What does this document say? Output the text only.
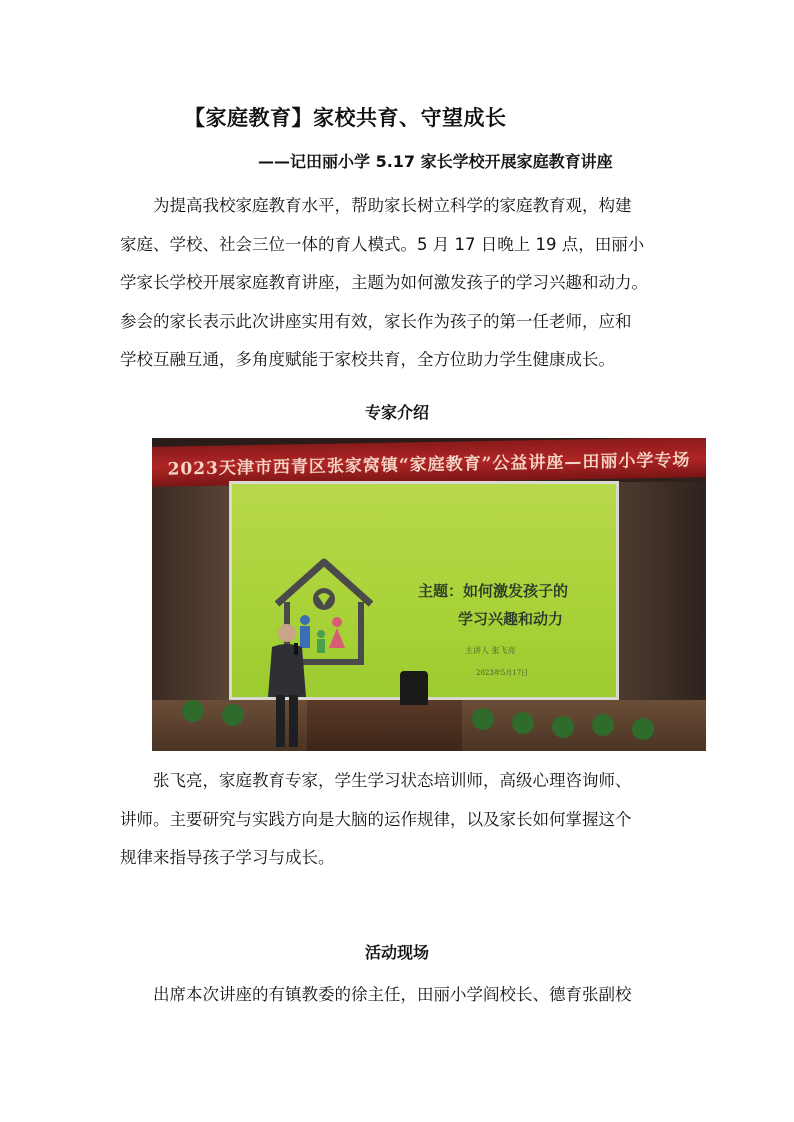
【家庭教育】家校共育、守望成长
——记田丽小学 5.17 家长学校开展家庭教育讲座

为提高我校家庭教育水平，帮助家长树立科学的家庭教育观，构建
家庭、学校、社会三位一体的育人模式。5 月 17 日晚上 19 点，田丽小
学家长学校开展家庭教育讲座，主题为如何激发孩子的学习兴趣和动力。
参会的家长表示此次讲座实用有效，家长作为孩子的第一任老师，应和
学校互融互通，多角度赋能于家校共育，全方位助力学生健康成长。

专家介绍
2023天津市西青区张家窝镇“家庭教育”公益讲座—田丽小学专场
主题：如何激发孩子的
学习兴趣和动力
主讲人 张飞亮
2023年5月17日

张飞亮，家庭教育专家，学生学习状态培训师，高级心理咨询师、
讲师。主要研究与实践方向是大脑的运作规律，以及家长如何掌握这个
规律来指导孩子学习与成长。

活动现场

出席本次讲座的有镇教委的徐主任，田丽小学阎校长、德育张副校
